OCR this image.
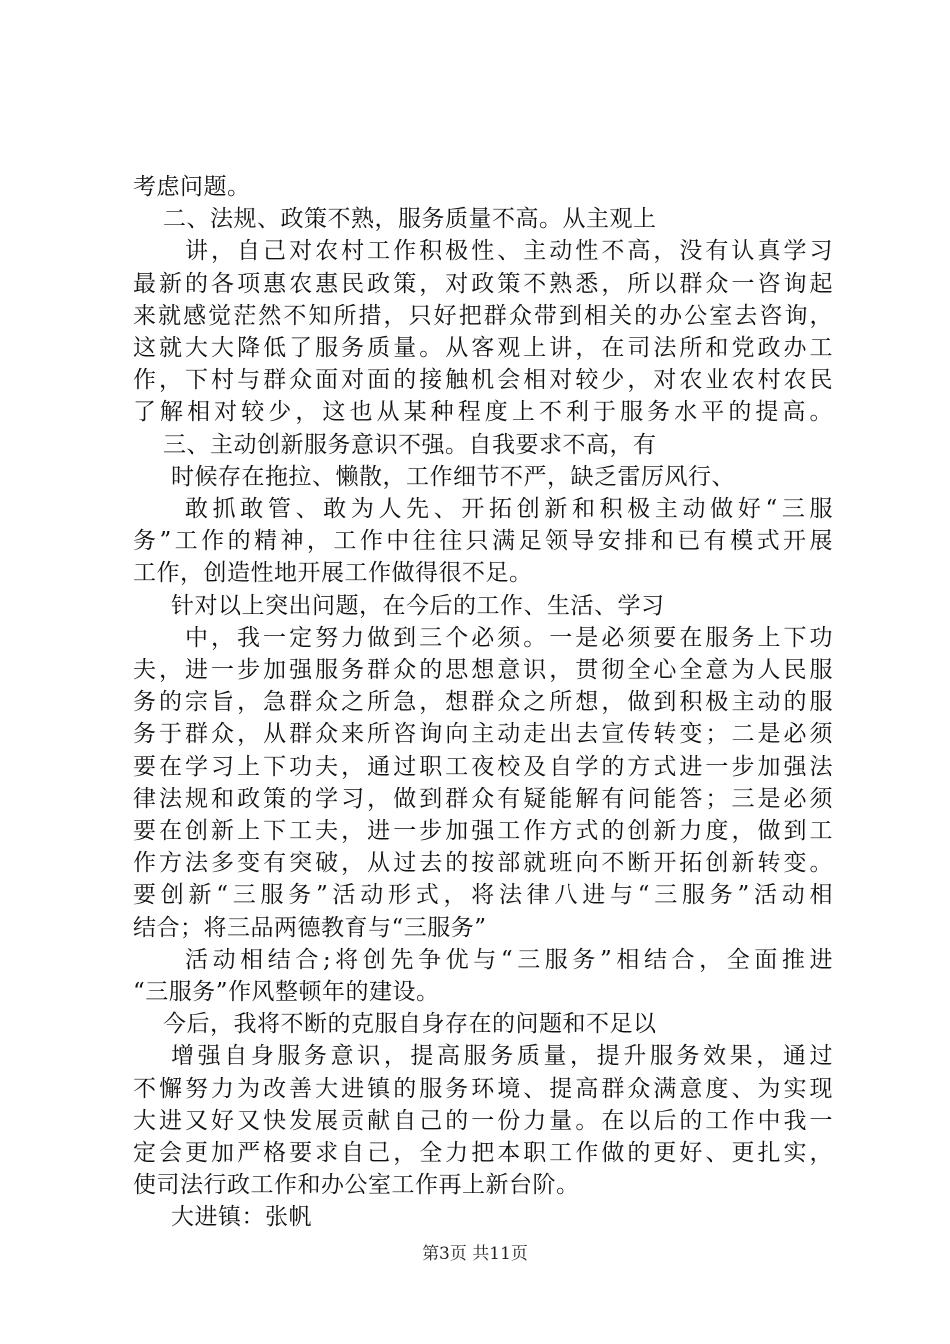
考虑问题。
二、法规、政策不熟，服务质量不高。从主观上
讲，自己对农村工作积极性、主动性不高，没有认真学习
最新的各项惠农惠民政策，对政策不熟悉，所以群众一咨询起
来就感觉茫然不知所措，只好把群众带到相关的办公室去咨询，
这就大大降低了服务质量。从客观上讲，在司法所和党政办工
作，下村与群众面对面的接触机会相对较少，对农业农村农民
了解相对较少，这也从某种程度上不利于服务水平的提高。
三、主动创新服务意识不强。自我要求不高，有
时候存在拖拉、懒散，工作细节不严，缺乏雷厉风行、
敢抓敢管、敢为人先、开拓创新和积极主动做好“三服
务”工作的精神，工作中往往只满足领导安排和已有模式开展
工作，创造性地开展工作做得很不足。
针对以上突出问题，在今后的工作、生活、学习
中，我一定努力做到三个必须。一是必须要在服务上下功
夫，进一步加强服务群众的思想意识，贯彻全心全意为人民服
务的宗旨，急群众之所急，想群众之所想，做到积极主动的服
务于群众，从群众来所咨询向主动走出去宣传转变；二是必须
要在学习上下功夫，通过职工夜校及自学的方式进一步加强法
律法规和政策的学习，做到群众有疑能解有问能答；三是必须
要在创新上下工夫，进一步加强工作方式的创新力度，做到工
作方法多变有突破，从过去的按部就班向不断开拓创新转变。
要创新“三服务”活动形式，将法律八进与“三服务”活动相
结合；将三品两德教育与“三服务”
活动相结合;将创先争优与“三服务”相结合，全面推进
“三服务”作风整顿年的建设。
今后，我将不断的克服自身存在的问题和不足以
增强自身服务意识，提高服务质量，提升服务效果，通过
不懈努力为改善大进镇的服务环境、提高群众满意度、为实现
大进又好又快发展贡献自己的一份力量。在以后的工作中我一
定会更加严格要求自己，全力把本职工作做的更好、更扎实，
使司法行政工作和办公室工作再上新台阶。
大进镇：张帆
第3页 共11页
